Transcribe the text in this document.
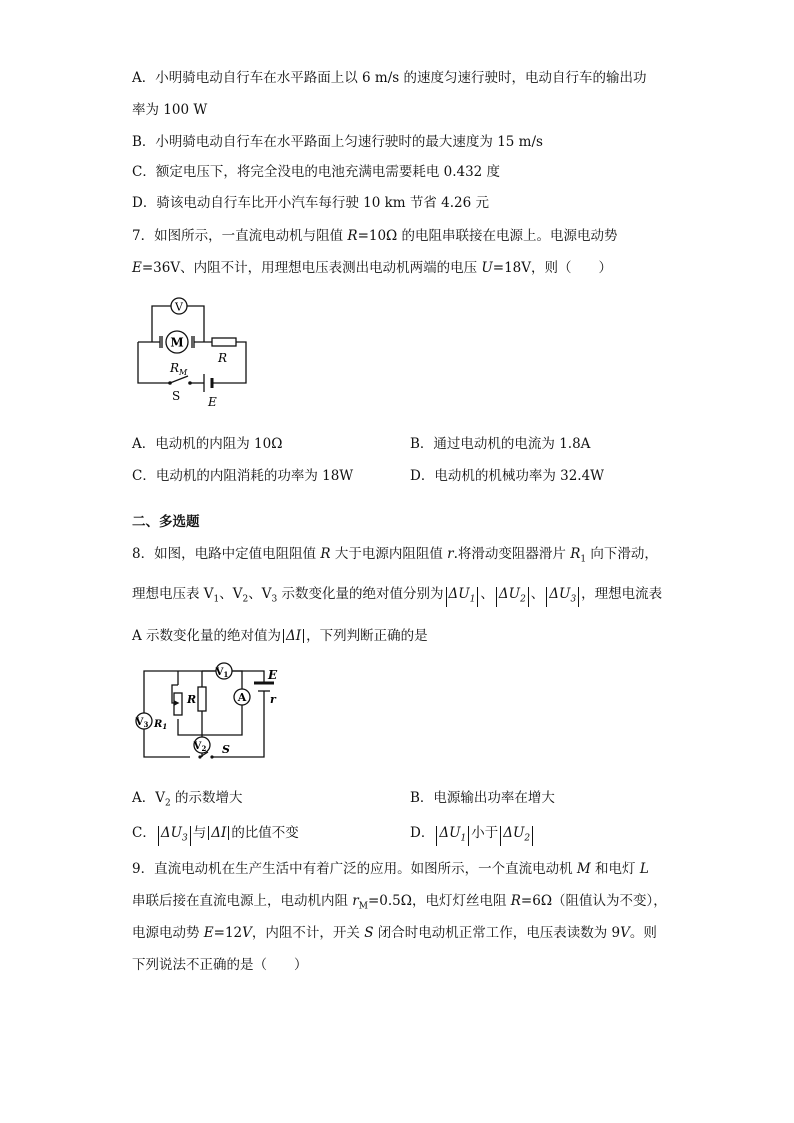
A．小明骑电动自行车在水平路面上以 6 m/s 的速度匀速行驶时，电动自行车的输出功
率为 100 W
B．小明骑电动自行车在水平路面上匀速行驶时的最大速度为 15 m/s
C．额定电压下，将完全没电的电池充满电需要耗电 0.432 度
D．骑该电动自行车比开小汽车每行驶 10 km 节省 4.26 元
7．如图所示，一直流电动机与阻值 R=10Ω 的电阻串联接在电源上。电源电动势
E=36V、内阻不计，用理想电压表测出电动机两端的电压 U=18V，则（　　）
V
M
R
$R_M$
S E
A．电动机的内阻为 10Ω	B．通过电动机的电流为 1.8A
C．电动机的内阻消耗的功率为 18W	D．电动机的机械功率为 32.4W
二、多选题
8．如图，电路中定值电阻阻值 R 大于电源内阻阻值 r.将滑动变阻器滑片 $R_1$ 向下滑动，
理想电压表 $V_1$、$V_2$、$V_3$ 示数变化量的绝对值分别为 $\Delta U_1$ 、 $\Delta U_2$ 、 $\Delta U_3$ ，理想电流表
A 示数变化量的绝对值为 ΔI ，下列判断正确的是
$V_1$
$V_3$
$V_2$
A
R
$R_1$
E
r
S
A．$V_2$ 的示数增大	B．电源输出功率在增大
C． $\Delta U_3$ 与 ΔI 的比值不变	D． $\Delta U_1$ 小于 $\Delta U_2$
9．直流电动机在生产生活中有着广泛的应用。如图所示，一个直流电动机 M 和电灯 L
串联后接在直流电源上，电动机内阻 $r_M=0.5\Omega$，电灯灯丝电阻 R=6Ω（阻值认为不变），
电源电动势 E=12V，内阻不计，开关 S 闭合时电动机正常工作，电压表读数为 9V。则
下列说法不正确的是（　　）
